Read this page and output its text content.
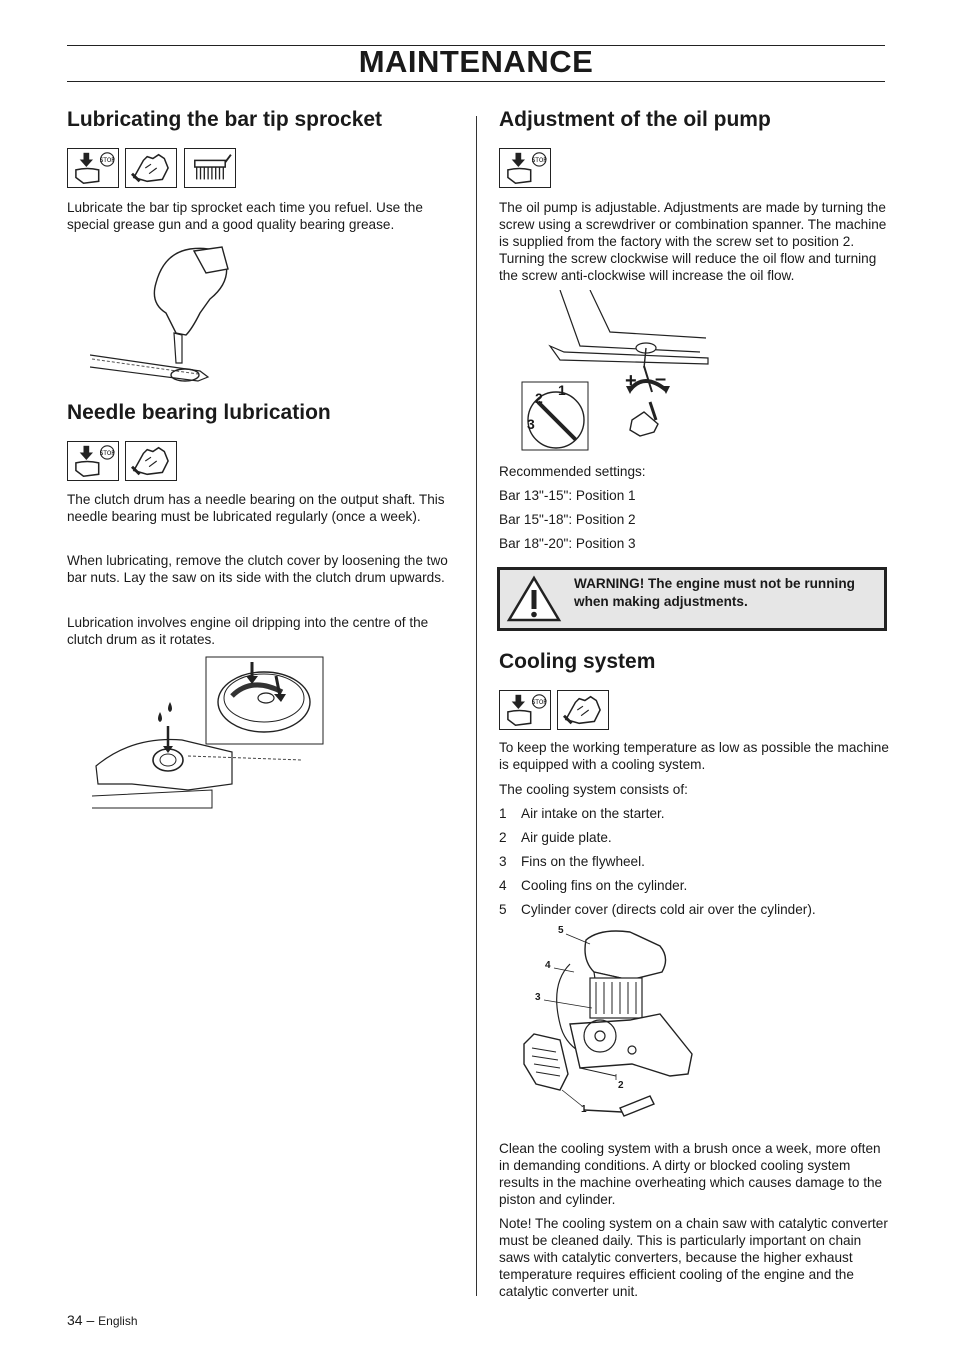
MAINTENANCE
Lubricating the bar tip sprocket
STOP

Lubricate the bar tip sprocket each time you refuel. Use the special grease gun and a good quality bearing grease.

Needle bearing lubrication
STOP

The clutch drum has a needle bearing on the output shaft. This needle bearing must be lubricated regularly (once a week).

When lubricating, remove the clutch cover by loosening the two bar nuts. Lay the saw on its side with the clutch drum upwards.

Lubrication involves engine oil dripping into the centre of the clutch drum as it rotates.

Adjustment of the oil pump
STOP

The oil pump is adjustable. Adjustments are made by turning the screw using a screwdriver or combination spanner. The machine is supplied from the factory with the screw set to position 2. Turning the screw clockwise will reduce the oil flow and turning the screw anti-clockwise will increase the oil flow.

1
2
3
+ –

Recommended settings:

Bar 13"-15": Position 1

Bar 15"-18": Position 2

Bar 18"-20": Position 3

WARNING! The engine must not be running when making adjustments.
Cooling system
STOP

To keep the working temperature as low as possible the machine is equipped with a cooling system.

The cooling system consists of:

1 Air intake on the starter.

2 Air guide plate.

3 Fins on the flywheel.

4 Cooling fins on the cylinder.

5 Cylinder cover (directs cold air over the cylinder).

5
4
3
2
1

Clean the cooling system with a brush once a week, more often in demanding conditions. A dirty or blocked cooling system results in the machine overheating which causes damage to the piston and cylinder.

Note! The cooling system on a chain saw with catalytic converter must be cleaned daily. This is particularly important on chain saws with catalytic converters, because the higher exhaust temperature requires efficient cooling of the engine and the catalytic converter unit.

34 – English
